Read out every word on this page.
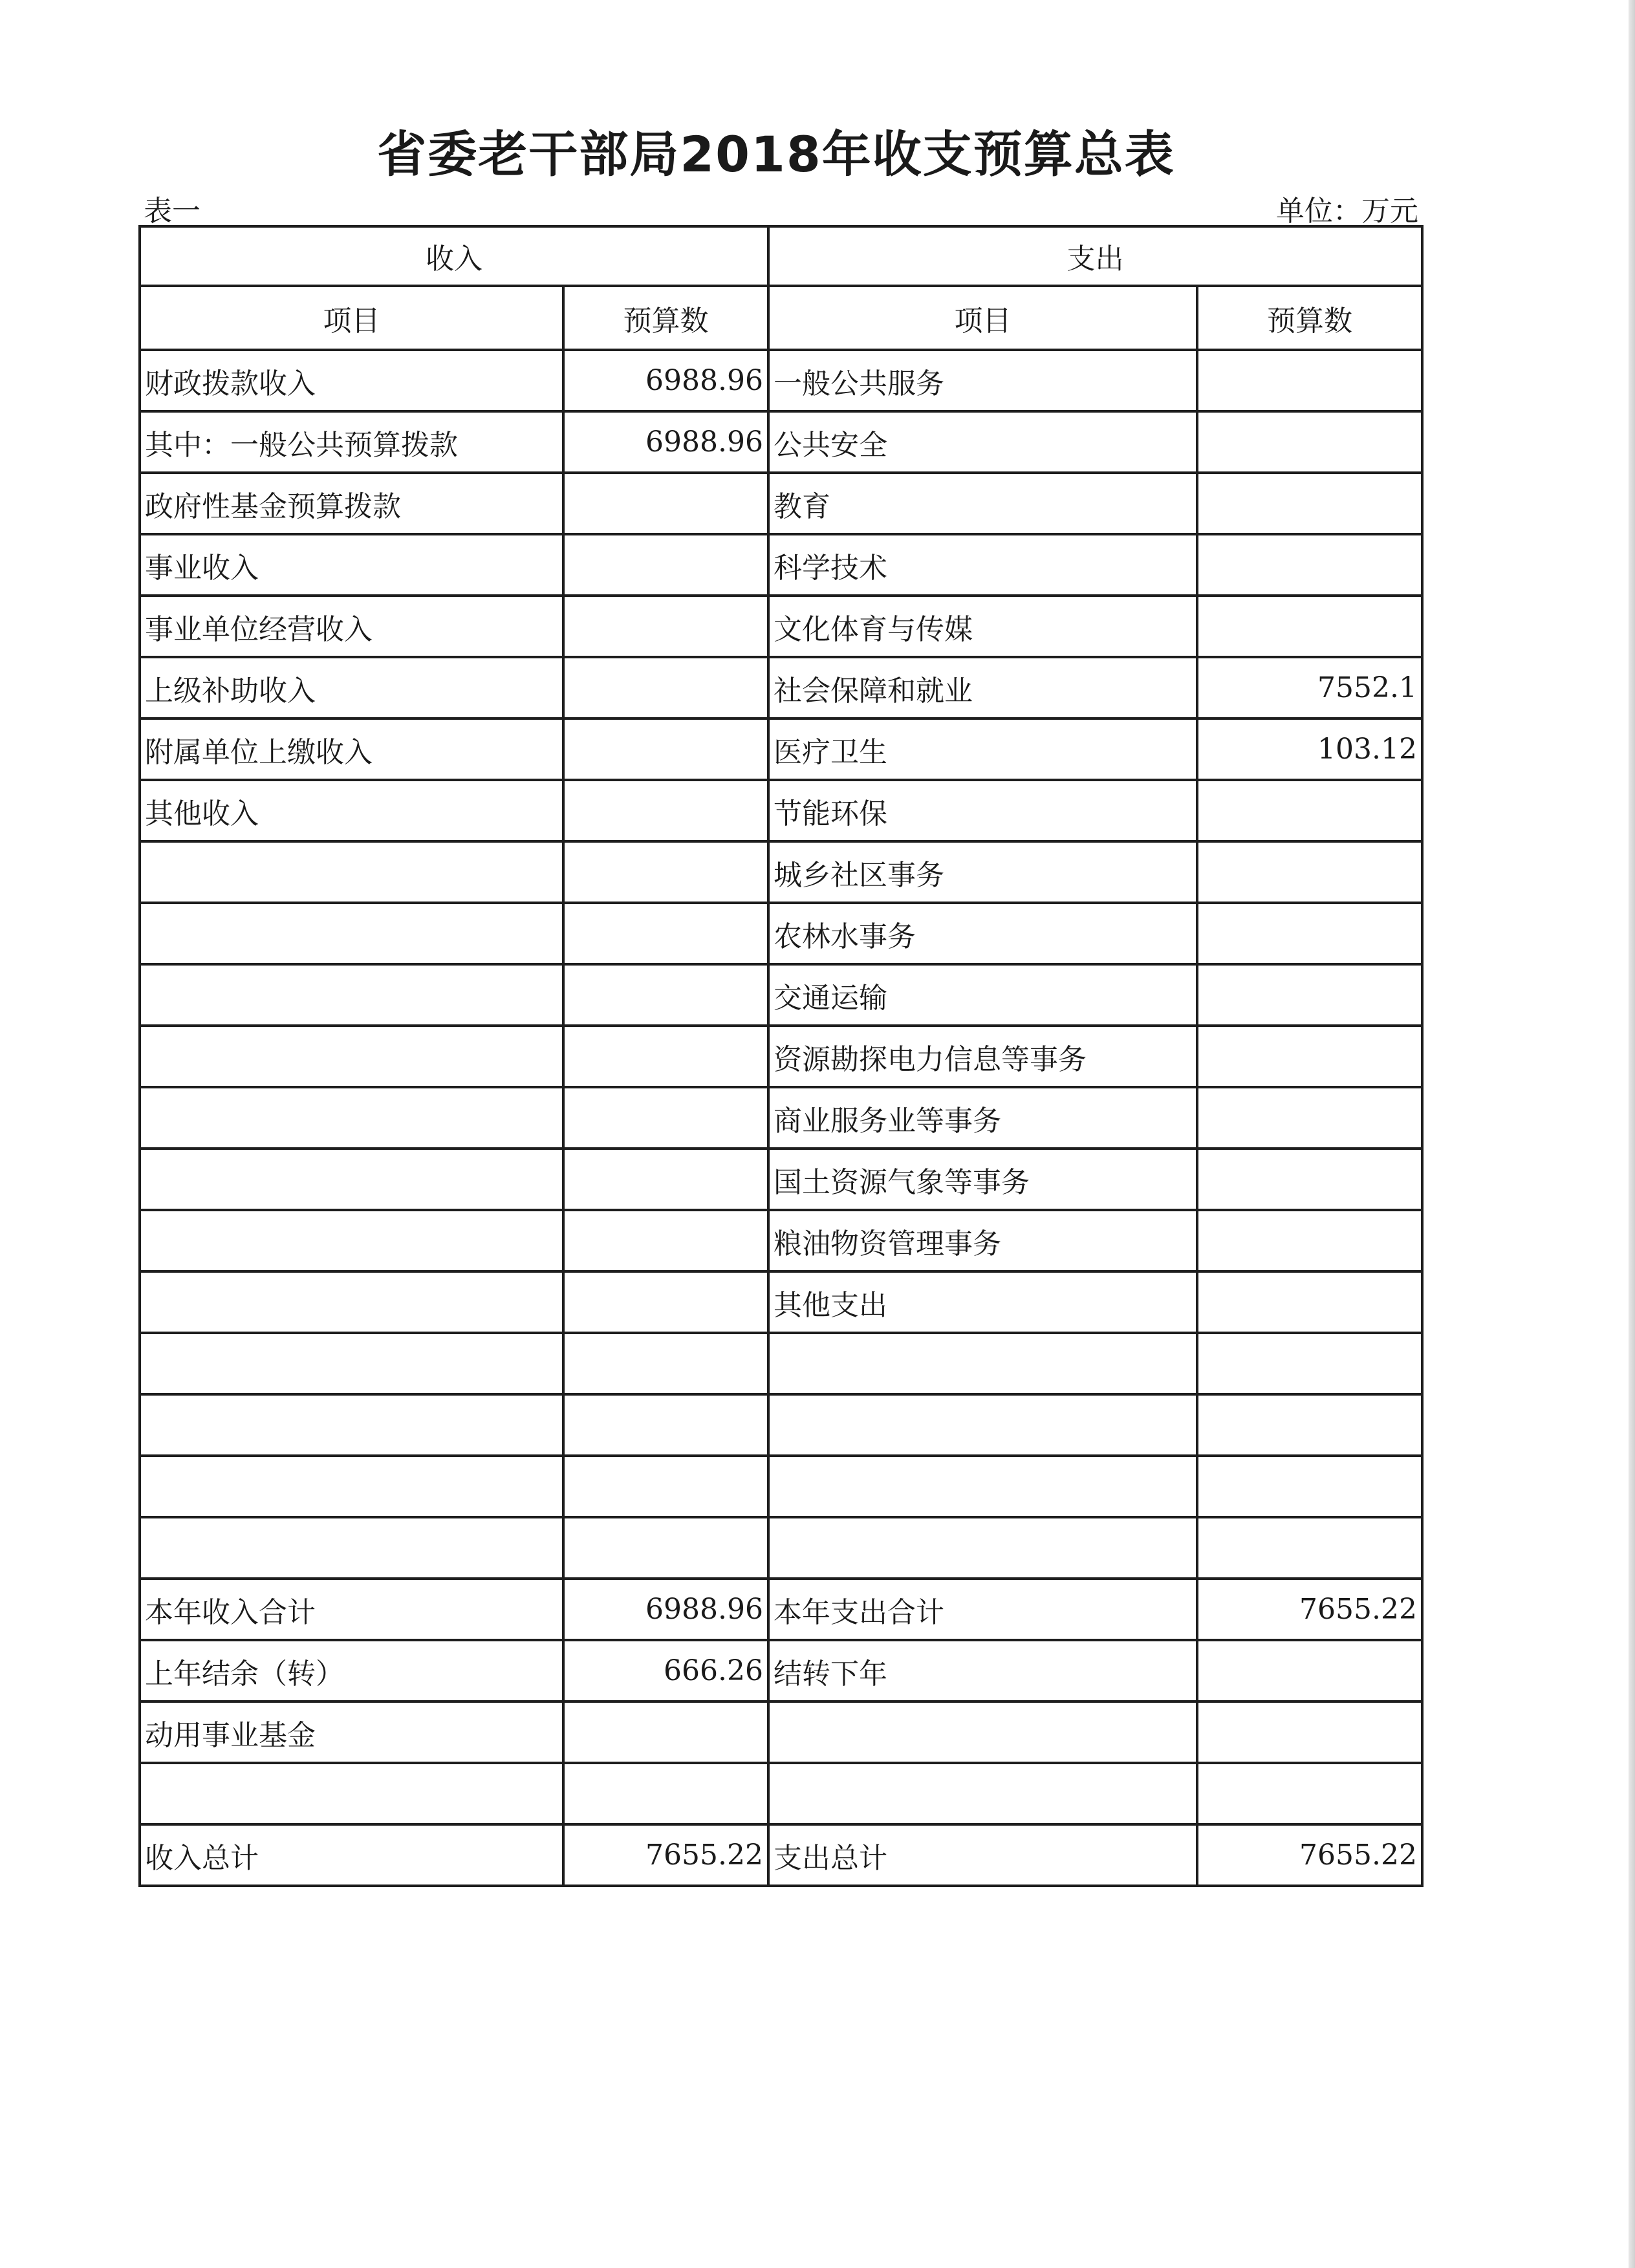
省委老干部局2018年收支预算总表
表一	单位：万元
收入		支出	
项目	预算数	项目	预算数
财政拨款收入	6988.96	一般公共服务	
其中：一般公共预算拨款	6988.96	公共安全	
政府性基金预算拨款		教育	
事业收入		科学技术	
事业单位经营收入		文化体育与传媒	
上级补助收入		社会保障和就业	7552.1
附属单位上缴收入		医疗卫生	103.12
其他收入		节能环保	
		城乡社区事务	
		农林水事务	
		交通运输	
		资源勘探电力信息等事务	
		商业服务业等事务	
		国土资源气象等事务	
		粮油物资管理事务	
		其他支出	

本年收入合计	6988.96	本年支出合计	7655.22
上年结余（转）	666.26	结转下年	
动用事业基金			

收入总计	7655.22	支出总计	7655.22
